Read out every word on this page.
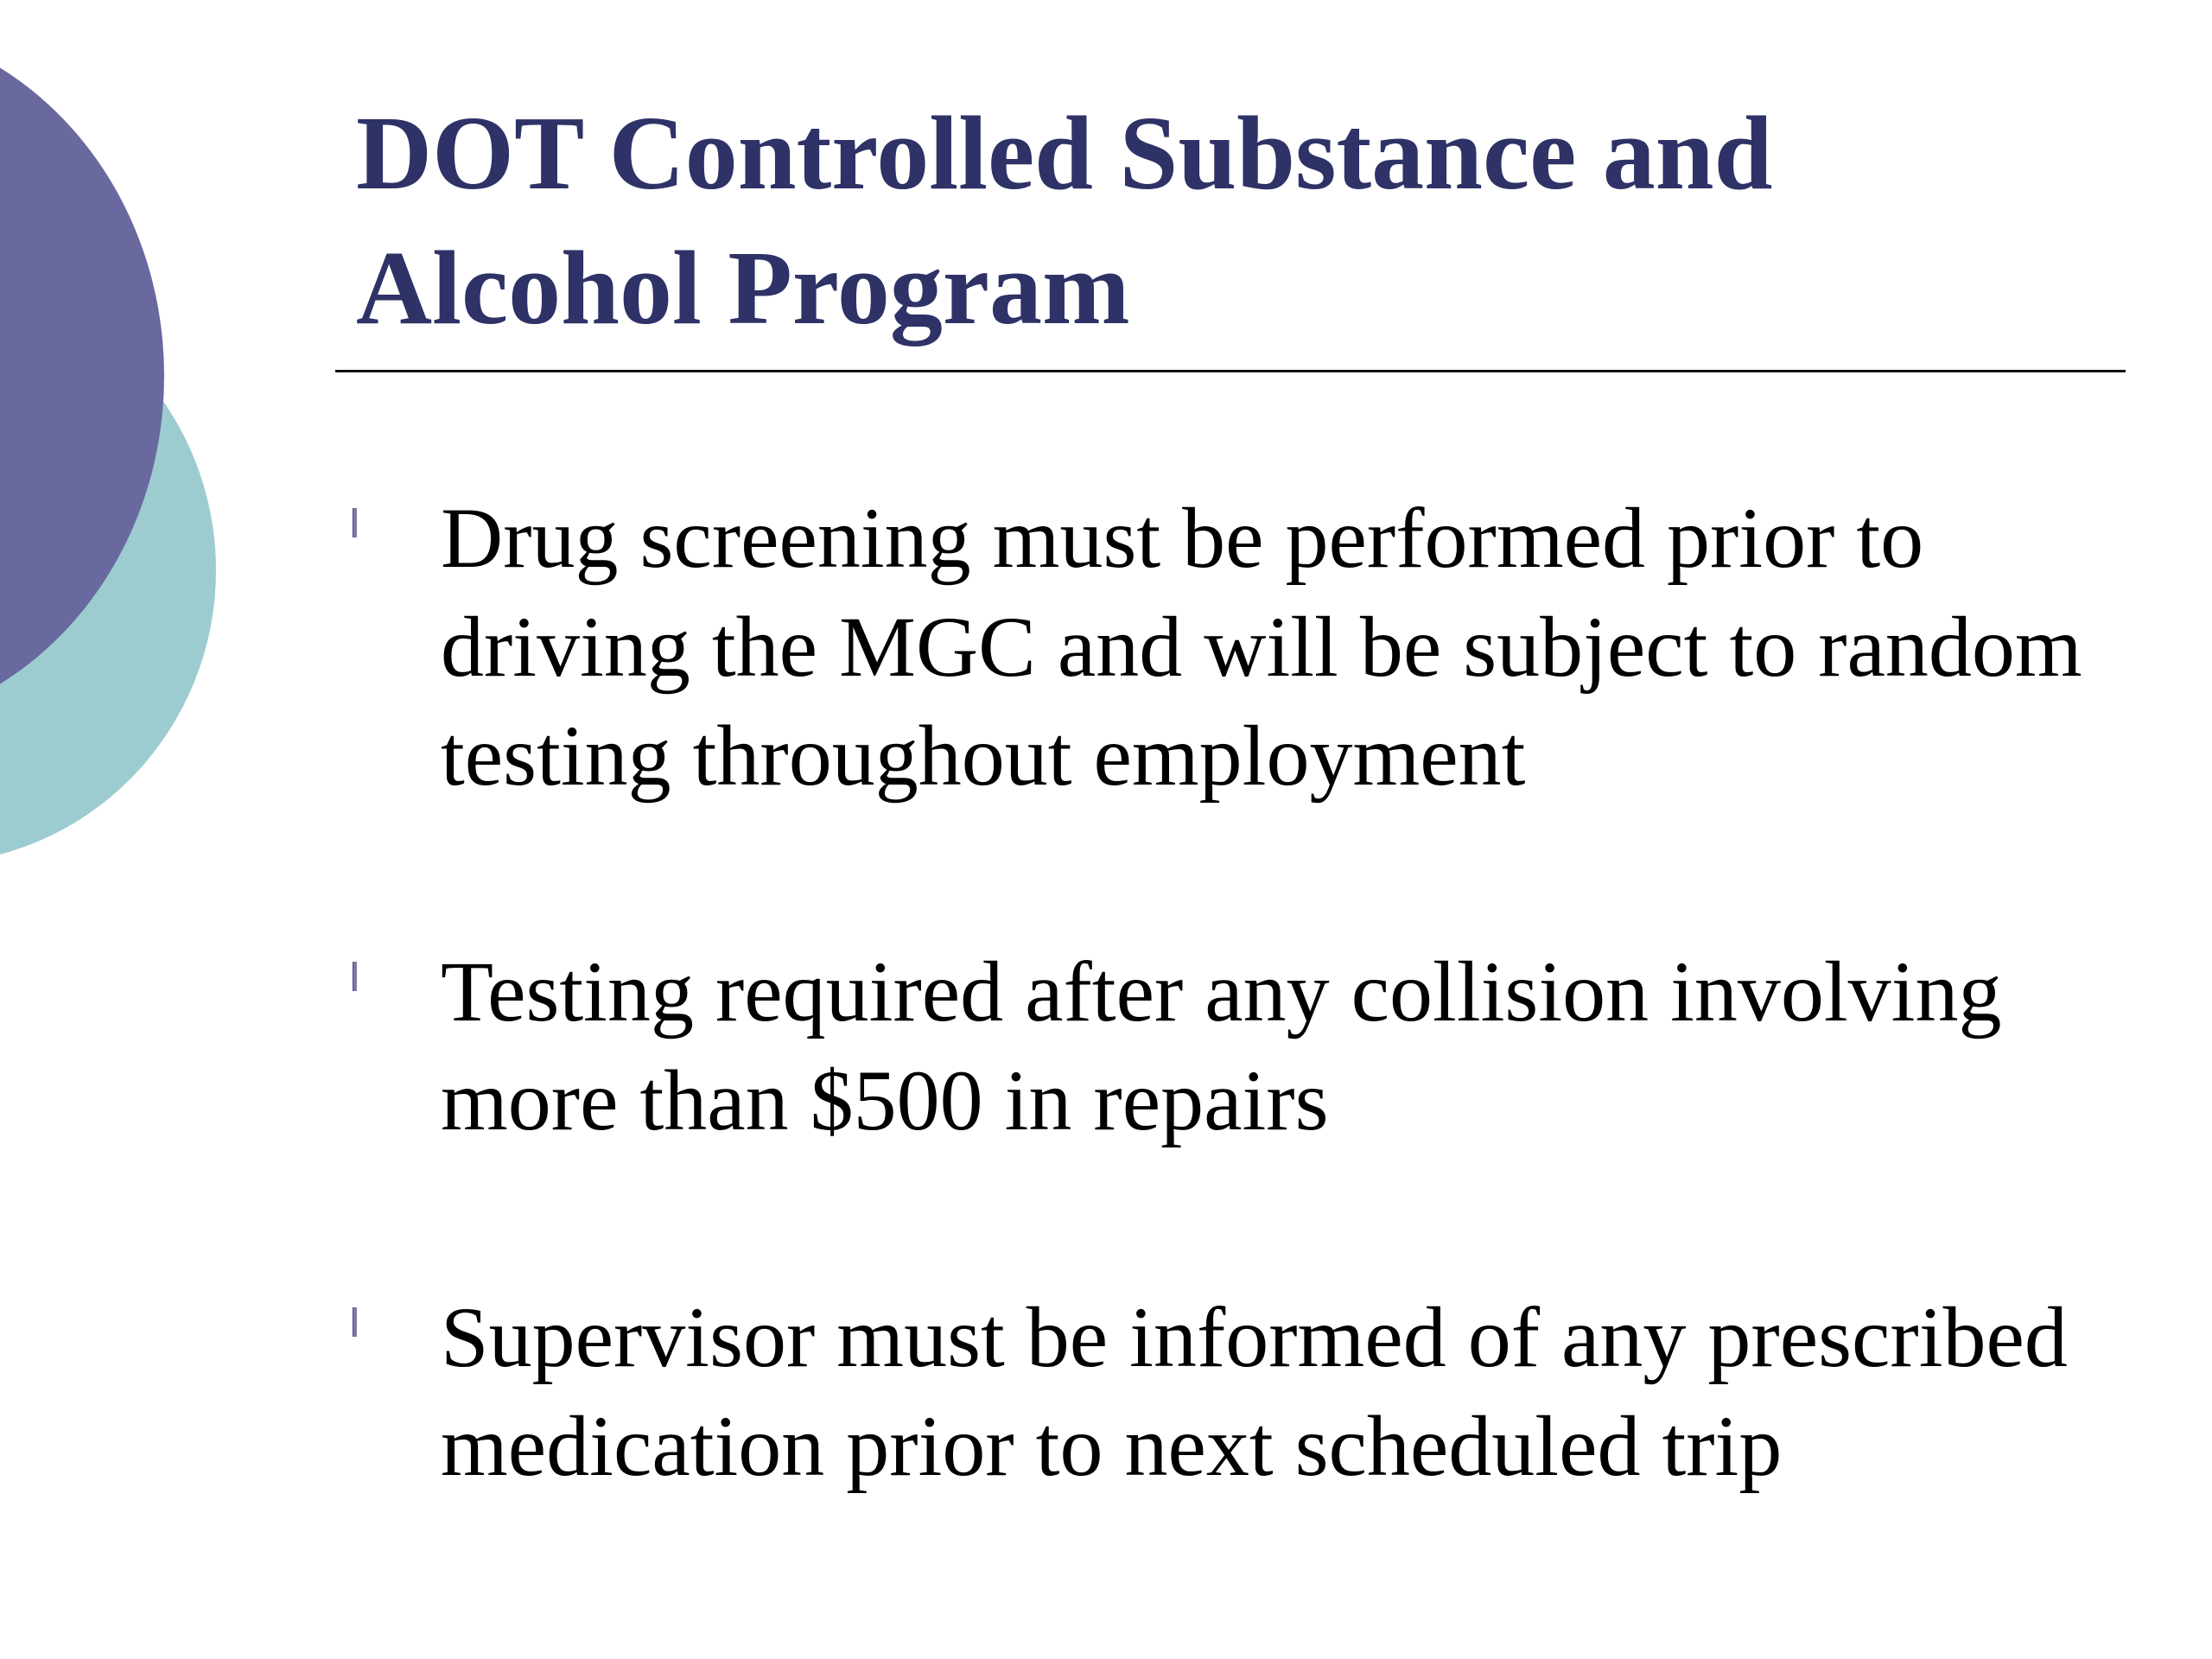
DOT Controlled Substance and Alcohol Program

Drug screening must be performed prior to driving the MGC and will be subject to random testing throughout employment

Testing required after any collision involving more than $500 in repairs

Supervisor must be informed of any prescribed medication prior to next scheduled trip
